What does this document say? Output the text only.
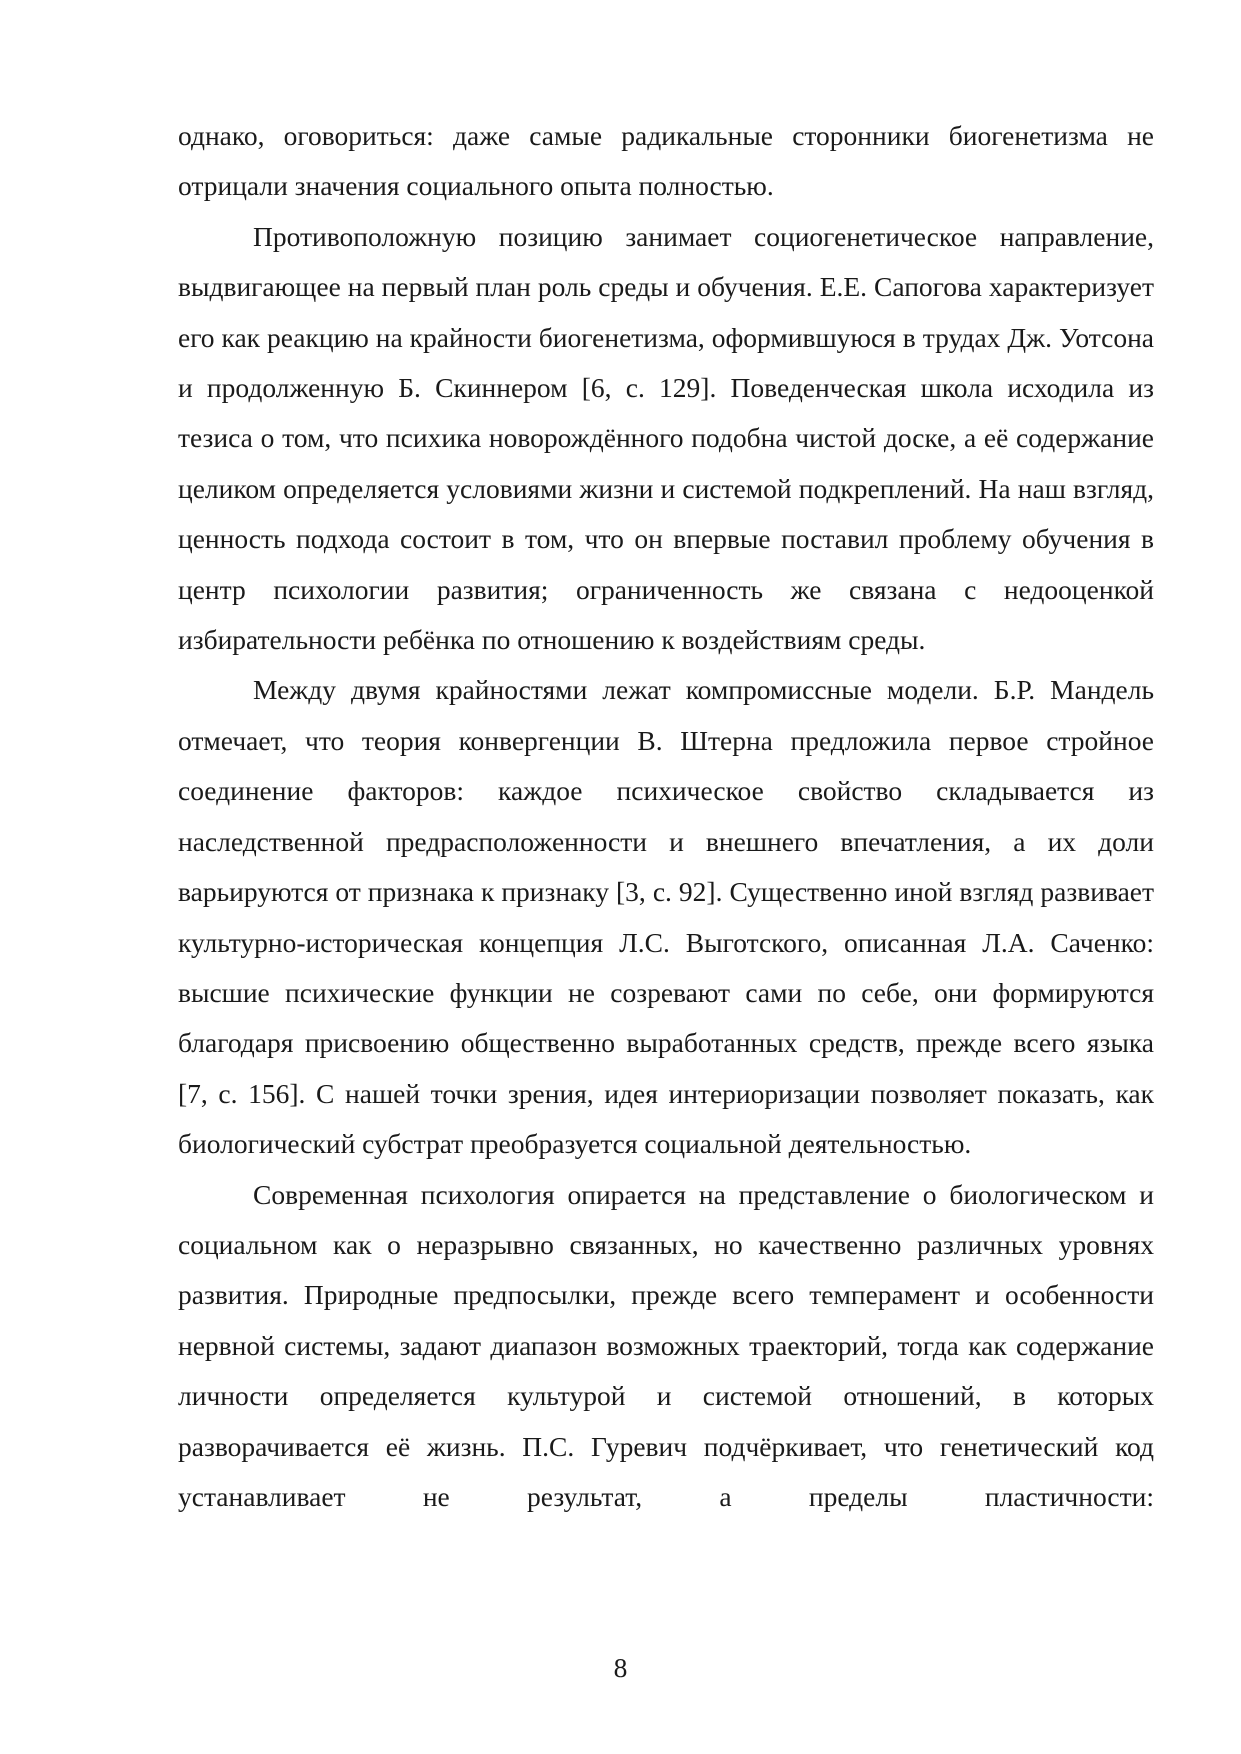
однако, оговориться: даже самые радикальные сторонники биогенетизма не отрицали значения социального опыта полностью.

Противоположную позицию занимает социогенетическое направление, выдвигающее на первый план роль среды и обучения. Е.Е. Сапогова характеризует его как реакцию на крайности биогенетизма, оформившуюся в трудах Дж. Уотсона и продолженную Б. Скиннером [6, с. 129]. Поведенческая школа исходила из тезиса о том, что психика новорождённого подобна чистой доске, а её содержание целиком определяется условиями жизни и системой подкреплений. На наш взгляд, ценность подхода состоит в том, что он впервые поставил проблему обучения в центр психологии развития; ограниченность же связана с недооценкой избирательности ребёнка по отношению к воздействиям среды.

Между двумя крайностями лежат компромиссные модели. Б.Р. Мандель отмечает, что теория конвергенции В. Штерна предложила первое стройное соединение факторов: каждое психическое свойство складывается из наследственной предрасположенности и внешнего впечатления, а их доли варьируются от признака к признаку [3, с. 92]. Существенно иной взгляд развивает культурно-историческая концепция Л.С. Выготского, описанная Л.А. Саченко: высшие психические функции не созревают сами по себе, они формируются благодаря присвоению общественно выработанных средств, прежде всего языка [7, с. 156]. С нашей точки зрения, идея интериоризации позволяет показать, как биологический субстрат преобразуется социальной деятельностью.

Современная психология опирается на представление о биологическом и социальном как о неразрывно связанных, но качественно различных уровнях развития. Природные предпосылки, прежде всего темперамент и особенности нервной системы, задают диапазон возможных траекторий, тогда как содержание личности определяется культурой и системой отношений, в которых разворачивается её жизнь. П.С. Гуревич подчёркивает, что генетический код устанавливает не результат, а пределы пластичности:

8
